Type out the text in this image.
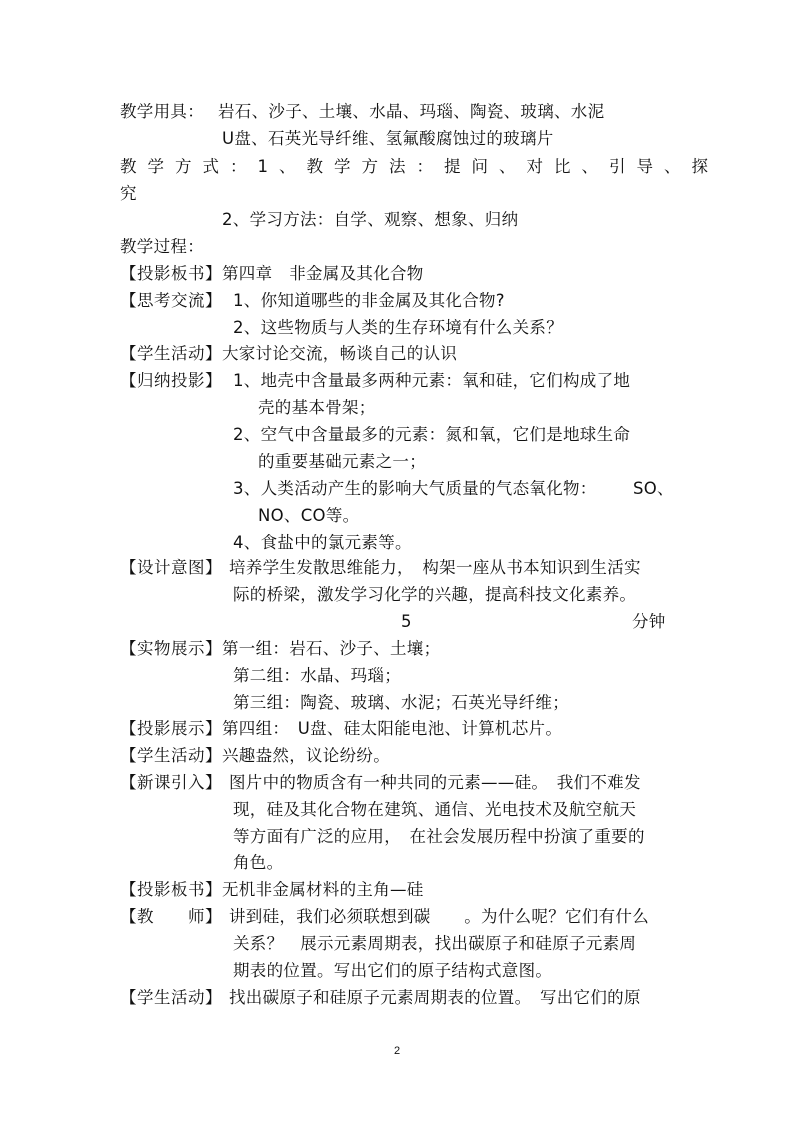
教学用具： 岩石、沙子、土壤、水晶、玛瑙、陶瓷、玻璃、水泥
U盘、石英光导纤维、氢氟酸腐蚀过的玻璃片
教学方式：1、教学方法：提问、对比、引导、探
究
2、学习方法：自学、观察、想象、归纳
教学过程：
【投影板书】 第四章　非金属及其化合物
【思考交流】 1、你知道哪些的非金属及其化合物?
2、这些物质与人类的生存环境有什么关系？
【学生活动】 大家讨论交流，畅谈自己的认识
【归纳投影】 1、地壳中含量最多两种元素：氧和硅，它们构成了地
壳的基本骨架；
2、空气中含量最多的元素：氮和氧，它们是地球生命
的重要基础元素之一；
3、人类活动产生的影响大气质量的气态氧化物： SO、
NO、CO等。
4、食盐中的氯元素等。
【设计意图】 培养学生发散思维能力，　构架一座从书本知识到生活实
际的桥梁，激发学习化学的兴趣，提高科技文化素养。
5	分钟
【实物展示】 第一组：岩石、沙子、土壤；
第二组：水晶、玛瑙；
第三组：陶瓷、玻璃、水泥；石英光导纤维；
【投影展示】 第四组：　U盘、硅太阳能电池、计算机芯片。
【学生活动】 兴趣盎然，议论纷纷。
【新课引入】 图片中的物质含有一种共同的元素——硅。　我们不难发
现，硅及其化合物在建筑、通信、光电技术及航空航天
等方面有广泛的应用，　在社会发展历程中扮演了重要的
角色。
【投影板书】 无机非金属材料的主角—硅
【教　　师】 讲到硅，我们必须联想到碳　　。为什么呢？它们有什么
关系？　展示元素周期表，找出碳原子和硅原子元素周
期表的位置。写出它们的原子结构式意图。
【学生活动】 找出碳原子和硅原子元素周期表的位置。　写出它们的原
2
